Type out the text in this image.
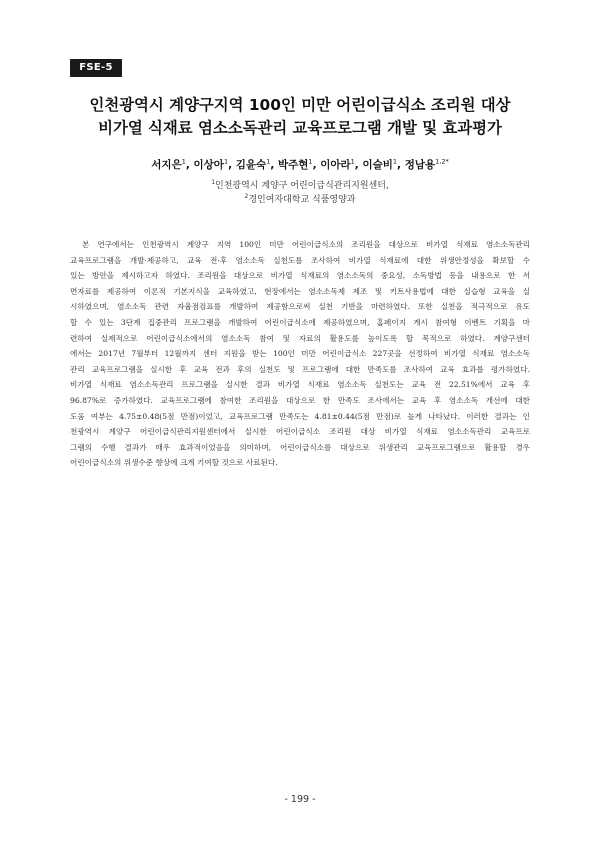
FSE-5
인천광역시 계양구지역 100인 미만 어린이급식소 조리원 대상
비가열 식재료 염소소독관리 교육프로그램 개발 및 효과평가
서지은$^1$, 이상아$^1$, 김윤숙$^1$, 박주현$^1$, 이아라$^1$, 이슬비$^1$, 정남용$^{1,2*}$
$^1$인천광역시 계양구 어린이급식관리지원센터,
$^2$경인여자대학교 식품영양과
본 연구에서는 인천광역시 계양구 지역 100인 미만 어린이급식소의 조리원을 대상으로 비가열 식재료 염소소독관리
교육프로그램을 개발·제공하고, 교육 전·후 염소소독 실천도를 조사하여 비가열 식재료에 대한 위생안정성을 확보할 수
있는 방안을 제시하고자 하였다. 조리원을 대상으로 비가열 식재료의 염소소독의 중요성, 소독방법 등을 내용으로 한 서
면자료를 제공하여 이론적 기본지식을 교육하였고, 현장에서는 염소소독제 제조 및 키트사용법에 대한 실습형 교육을 실
시하였으며, 염소소독 관련 자율점검표를 개발하여 제공함으로써 실천 기반을 마련하였다. 또한 실천을 적극적으로 유도
할 수 있는 3단계 집중관리 프로그램을 개발하여 어린이급식소에 제공하였으며, 홈페이지 게시 참여형 이벤트 기획을 마
련하여 실제적으로 어린이급식소에서의 염소소독 참여 및 자료의 활용도를 높이도록 할 목적으로 하였다. 계양구센터
에서는 2017년 7월부터 12월까지 센터 지원을 받는 100인 미만 어린이급식소 227곳을 선정하여 비가열 식재료 염소소독
관리 교육프로그램을 실시한 후 교육 전과 후의 실천도 및 프로그램에 대한 만족도를 조사하여 교육 효과를 평가하였다.
비가열 식재료 염소소독관리 프로그램을 실시한 결과 비가열 식재료 염소소독 실천도는 교육 전 22.51%에서 교육 후
96.87%로 증가하였다. 교육프로그램에 참여한 조리원을 대상으로 한 만족도 조사에서는 교육 후 염소소독 개선에 대한
도움 여부는 4.75±0.48(5점 만점)이었고, 교육프로그램 만족도는 4.81±0.44(5점 만점)로 높게 나타났다. 이러한 결과는 인
천광역시 계양구 어린이급식관리지원센터에서 실시한 어린이급식소 조리원 대상 비가열 식재료 염소소독관리 교육프로
그램의 수행 결과가 매우 효과적이었음을 의미하며, 어린이급식소를 대상으로 위생관리 교육프로그램으로 활용할 경우
어린이급식소의 위생수준 향상에 크게 기여할 것으로 사료된다.
- 199 -
